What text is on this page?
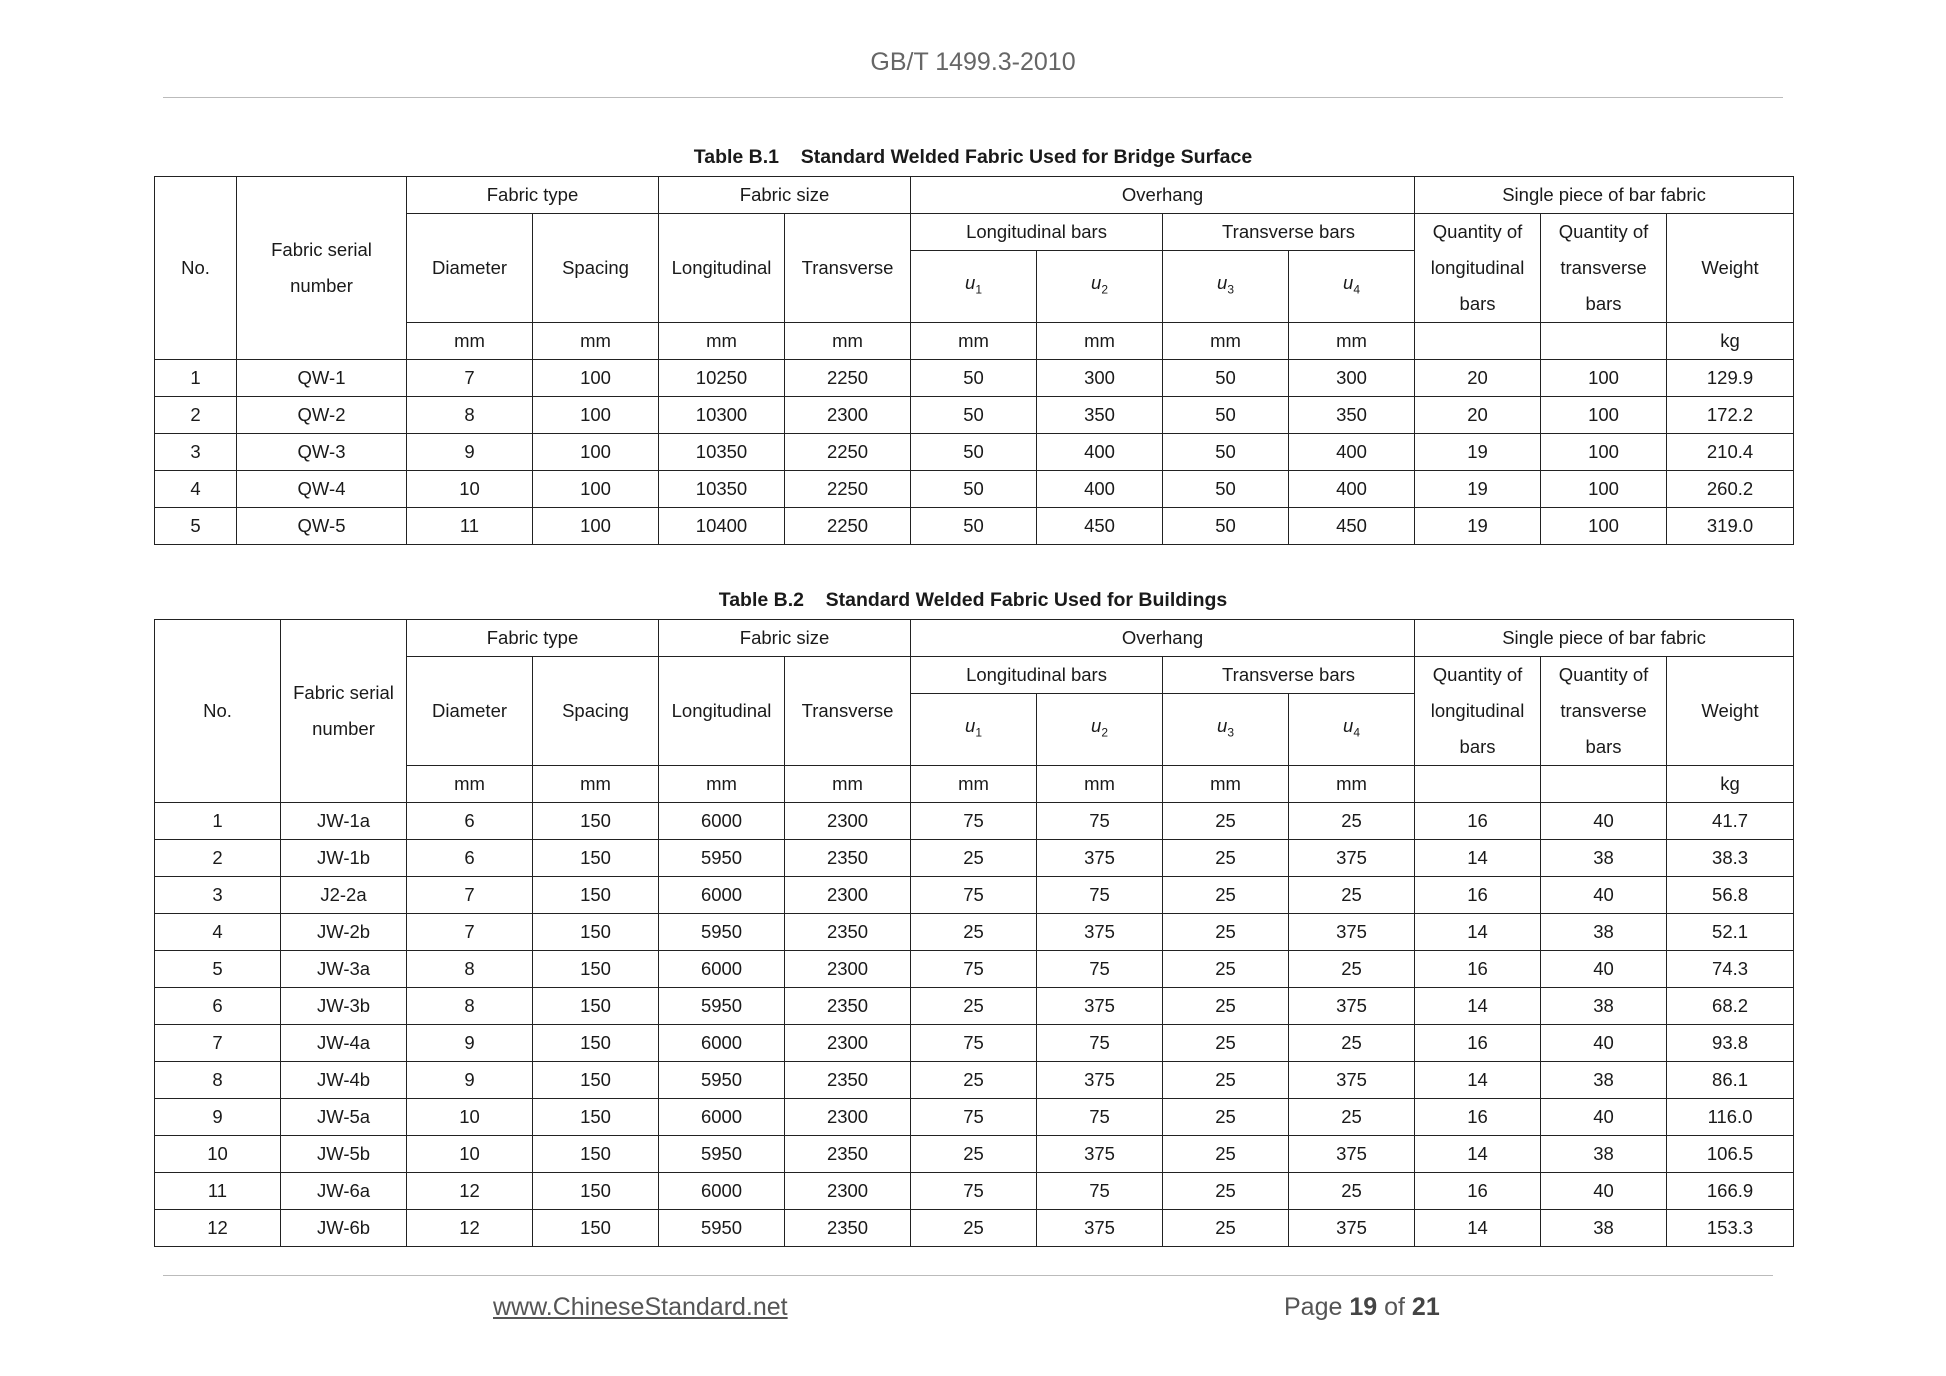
GB/T 1499.3-2010
Table B.1    Standard Welded Fabric Used for Bridge Surface
No.	Fabric serial number	Fabric type		Fabric size		Overhang				Single piece of bar fabric		
		Diameter	Spacing	Longitudinal	Transverse	Longitudinal bars		Transverse bars		Quantity of longitudinal bars	Quantity of transverse bars	Weight
						$u_1$	$u_2$	$u_3$	$u_4$
		mm	mm	mm	mm	mm	mm	mm	mm			kg
1	QW-1	7	100	10250	2250	50	300	50	300	20	100	129.9
2	QW-2	8	100	10300	2300	50	350	50	350	20	100	172.2
3	QW-3	9	100	10350	2250	50	400	50	400	19	100	210.4
4	QW-4	10	100	10350	2250	50	400	50	400	19	100	260.2
5	QW-5	11	100	10400	2250	50	450	50	450	19	100	319.0
Table B.2    Standard Welded Fabric Used for Buildings
No.	Fabric serial number	Fabric type		Fabric size		Overhang				Single piece of bar fabric		
		Diameter	Spacing	Longitudinal	Transverse	Longitudinal bars		Transverse bars		Quantity of longitudinal bars	Quantity of transverse bars	Weight
						$u_1$	$u_2$	$u_3$	$u_4$
		mm	mm	mm	mm	mm	mm	mm	mm			kg
1	JW-1a	6	150	6000	2300	75	75	25	25	16	40	41.7
2	JW-1b	6	150	5950	2350	25	375	25	375	14	38	38.3
3	J2-2a	7	150	6000	2300	75	75	25	25	16	40	56.8
4	JW-2b	7	150	5950	2350	25	375	25	375	14	38	52.1
5	JW-3a	8	150	6000	2300	75	75	25	25	16	40	74.3
6	JW-3b	8	150	5950	2350	25	375	25	375	14	38	68.2
7	JW-4a	9	150	6000	2300	75	75	25	25	16	40	93.8
8	JW-4b	9	150	5950	2350	25	375	25	375	14	38	86.1
9	JW-5a	10	150	6000	2300	75	75	25	25	16	40	116.0
10	JW-5b	10	150	5950	2350	25	375	25	375	14	38	106.5
11	JW-6a	12	150	6000	2300	75	75	25	25	16	40	166.9
12	JW-6b	12	150	5950	2350	25	375	25	375	14	38	153.3
www.ChineseStandard.net	Page 19 of 21
